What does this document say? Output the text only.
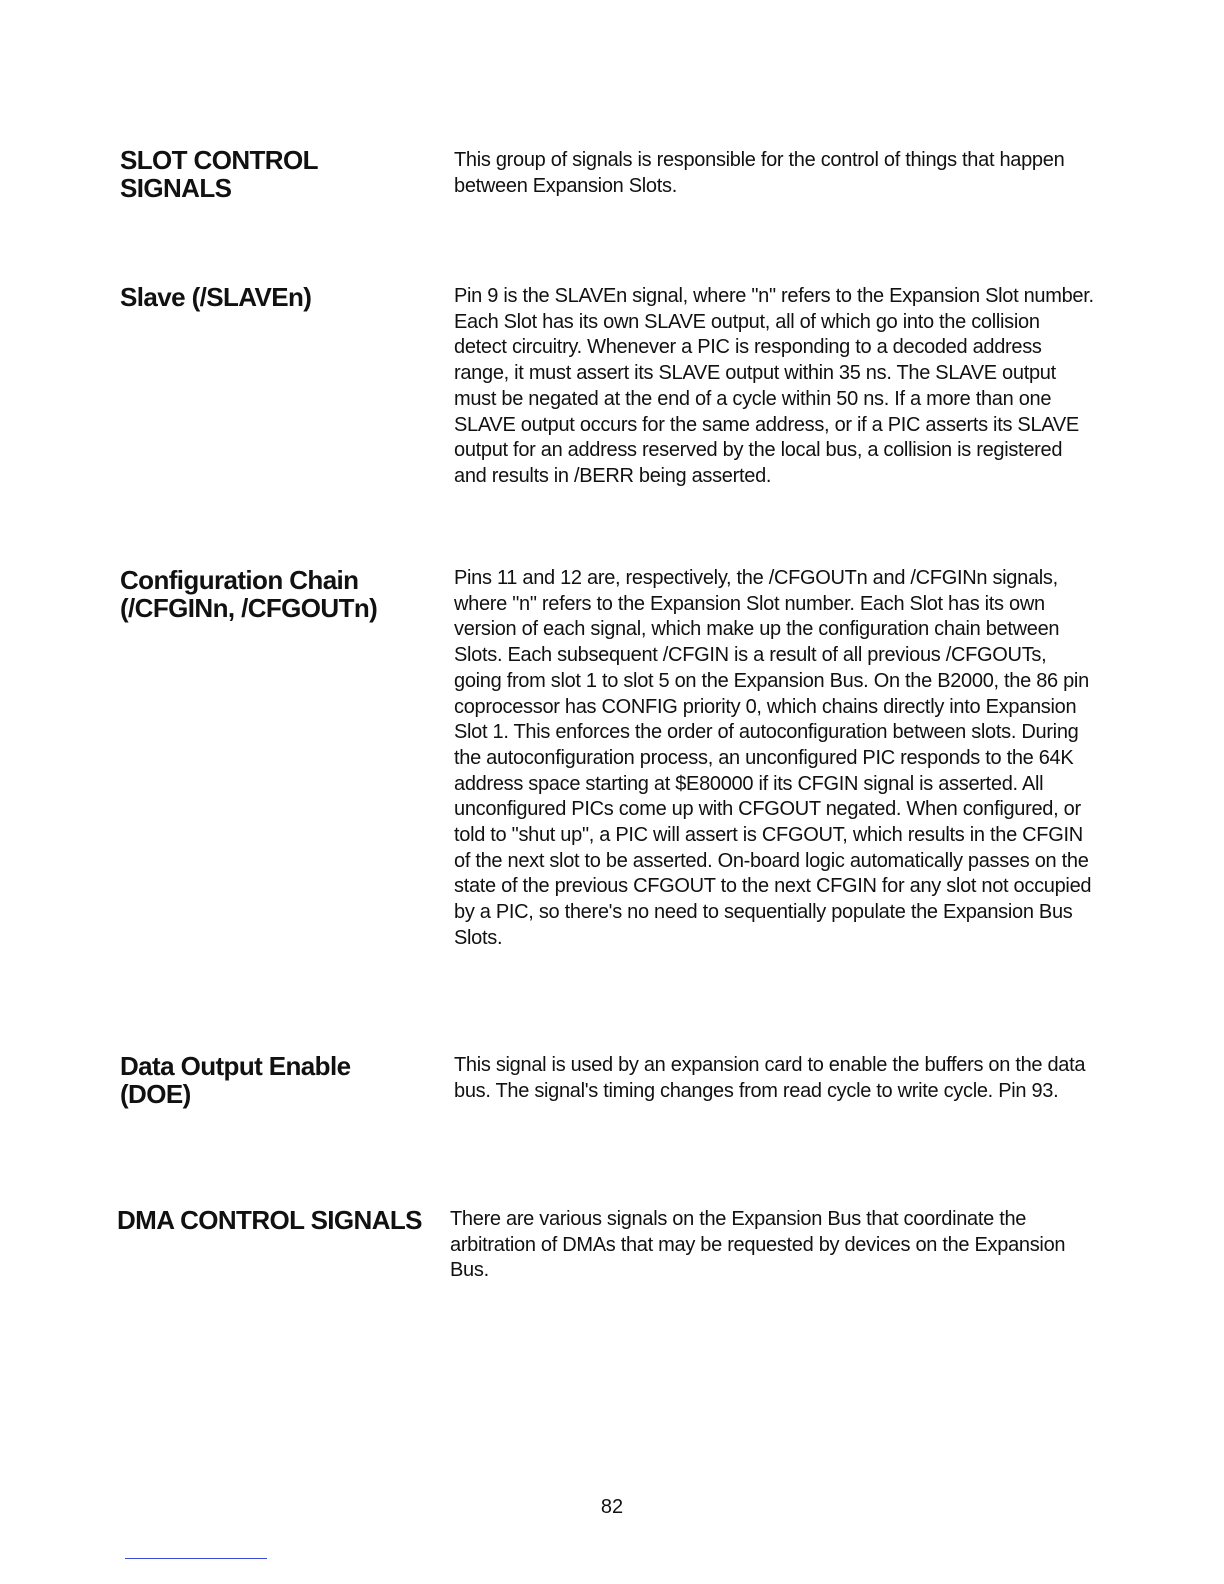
SLOT CONTROL
SIGNALS

This group of signals is responsible for the control of things that happen between Expansion Slots.

Slave (/SLAVEn)	Pin 9 is the SLAVEn signal, where "n" refers to the Expansion Slot number. Each Slot has its own SLAVE output, all of which go into the collision detect circuitry. Whenever a PIC is responding to a decoded address range, it must assert its SLAVE output within 35 ns. The SLAVE output must be negated at the end of a cycle within 50 ns. If a more than one SLAVE output occurs for the same address, or if a PIC asserts its SLAVE output for an address reserved by the local bus, a collision is registered and results in /BERR being asserted.

Configuration Chain
(/CFGINn, /CFGOUTn)

Pins 11 and 12 are, respectively, the /CFGOUTn and /CFGINn signals, where "n" refers to the Expansion Slot number. Each Slot has its own version of each signal, which make up the configuration chain between Slots. Each subsequent /CFGIN is a result of all previous /CFGOUTs, going from slot 1 to slot 5 on the Expansion Bus. On the B2000, the 86 pin coprocessor has CONFIG priority 0, which chains directly into Expansion Slot 1. This enforces the order of autoconfiguration between slots. During the autoconfiguration process, an unconfigured PIC responds to the 64K address space starting at $E80000 if its CFGIN signal is asserted. All unconfigured PICs come up with CFGOUT negated. When configured, or told to "shut up", a PIC will assert is CFGOUT, which results in the CFGIN of the next slot to be asserted. On-board logic automatically passes on the state of the previous CFGOUT to the next CFGIN for any slot not occupied by a PIC, so there's no need to sequentially populate the Expansion Bus Slots.

Data Output Enable
(DOE)

This signal is used by an expansion card to enable the buffers on the data bus. The signal's timing changes from read cycle to write cycle. Pin 93.

DMA CONTROL SIGNALS	There are various signals on the Expansion Bus that coordinate the arbitration of DMAs that may be requested by devices on the Expansion Bus.

82
